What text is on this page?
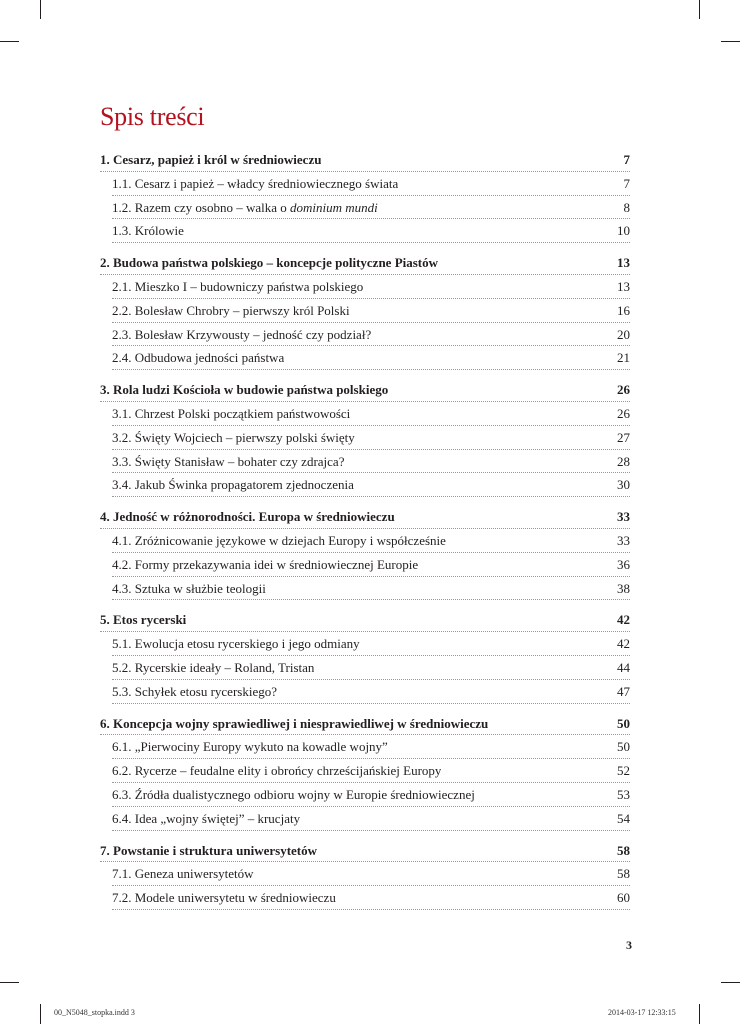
Spis treści
1. Cesarz, papież i król w średniowieczu	7
1.1. Cesarz i papież – władcy średniowiecznego świata	7
1.2. Razem czy osobno – walka o dominium mundi	8
1.3. Królowie	10
2. Budowa państwa polskiego – koncepcje polityczne Piastów	13
2.1. Mieszko I – budowniczy państwa polskiego	13
2.2. Bolesław Chrobry – pierwszy król Polski	16
2.3. Bolesław Krzywousty – jedność czy podział?	20
2.4. Odbudowa jedności państwa	21
3. Rola ludzi Kościoła w budowie państwa polskiego	26
3.1. Chrzest Polski początkiem państwowości	26
3.2. Święty Wojciech – pierwszy polski święty	27
3.3. Święty Stanisław – bohater czy zdrajca?	28
3.4. Jakub Świnka propagatorem zjednoczenia	30
4. Jedność w różnorodności. Europa w średniowieczu	33
4.1. Zróżnicowanie językowe w dziejach Europy i współcześnie	33
4.2. Formy przekazywania idei w średniowiecznej Europie	36
4.3. Sztuka w służbie teologii	38
5. Etos rycerski	42
5.1. Ewolucja etosu rycerskiego i jego odmiany	42
5.2. Rycerskie ideały – Roland, Tristan	44
5.3. Schyłek etosu rycerskiego?	47
6. Koncepcja wojny sprawiedliwej i niesprawiedliwej w średniowieczu	50
6.1. „Pierwociny Europy wykuto na kowadle wojny”	50
6.2. Rycerze – feudalne elity i obrońcy chrześcijańskiej Europy	52
6.3. Źródła dualistycznego odbioru wojny w Europie średniowiecznej	53
6.4. Idea „wojny świętej” – krucjaty	54
7. Powstanie i struktura uniwersytetów	58
7.1. Geneza uniwersytetów	58
7.2. Modele uniwersytetu w średniowieczu	60
3
00_N5048_stopka.indd 3	2014-03-17 12:33:15
